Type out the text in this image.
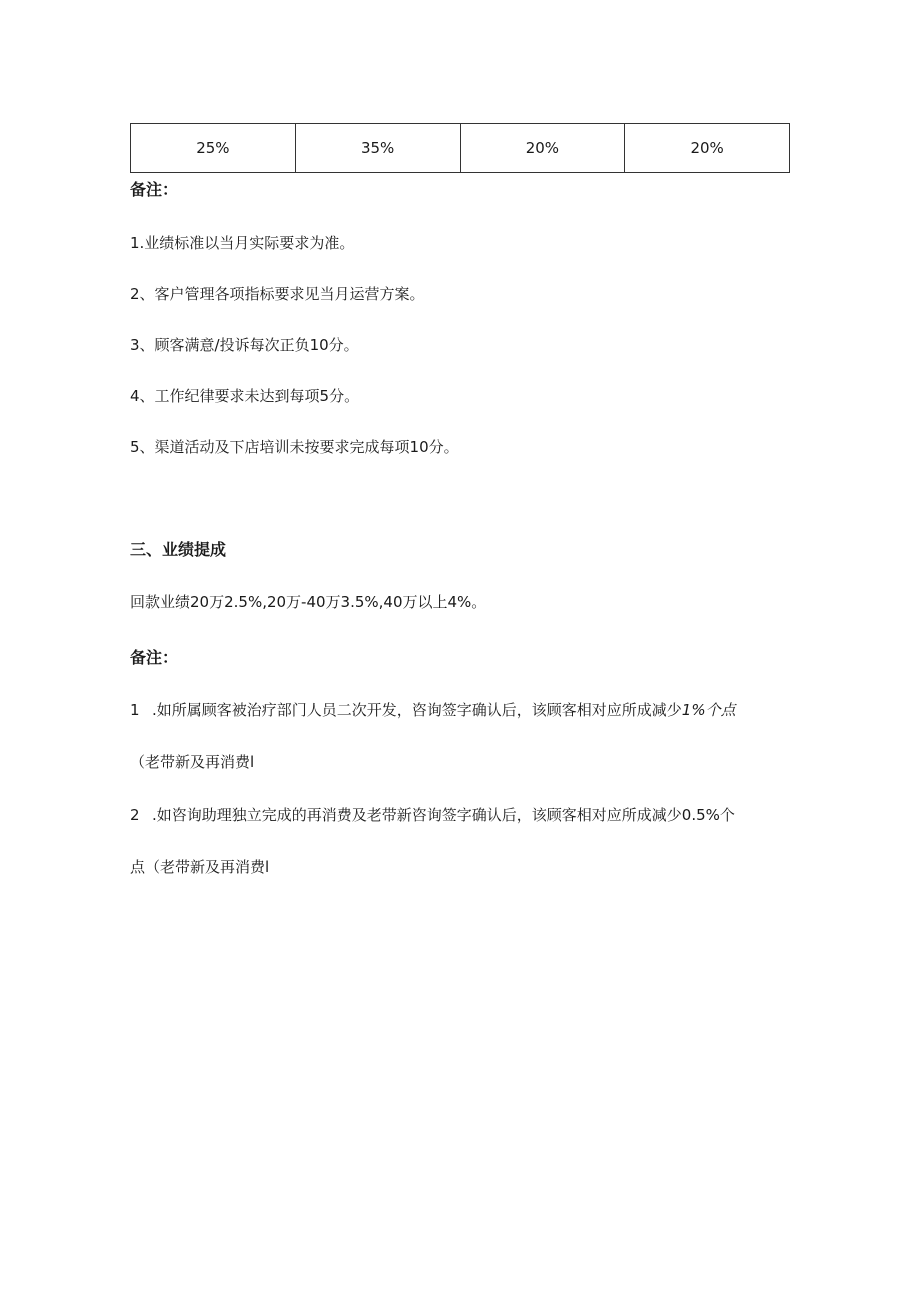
25%	35%	20%	20%
备注：
1.业绩标准以当月实际要求为准。
2、客户管理各项指标要求见当月运营方案。
3、顾客满意/投诉每次正负10分。
4、工作纪律要求未达到每项5分。
5、渠道活动及下店培训未按要求完成每项10分。
三、业绩提成
回款业绩20万2.5%,20万-40万3.5%,40万以上4%。
备注：
1 .如所属顾客被治疗部门人员二次开发，咨询签字确认后，该顾客相对应所成减少1%个点
（老带新及再消费l
2 .如咨询助理独立完成的再消费及老带新咨询签字确认后，该顾客相对应所成减少0.5%个
点（老带新及再消费l
